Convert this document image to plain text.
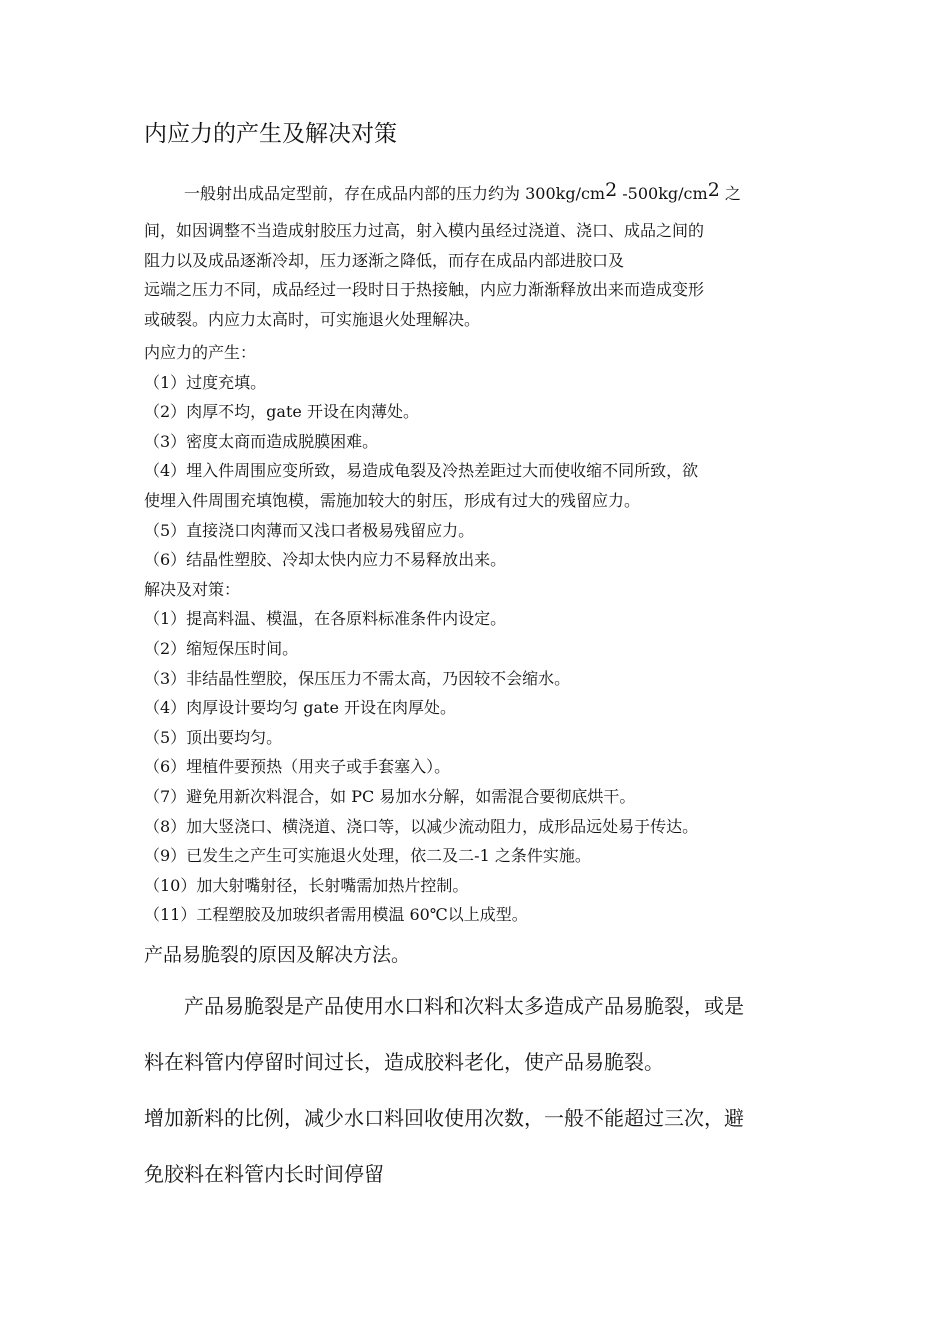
内应力的产生及解决对策
一般射出成品定型前，存在成品内部的压力约为 300kg/cm2 -500kg/cm2 之

间，如因调整不当造成射胶压力过高，射入模内虽经过浇道、浇口、成品之间的

阻力以及成品逐渐冷却，压力逐渐之降低，而存在成品内部进胶口及

远端之压力不同，成品经过一段时日于热接触，内应力渐渐释放出来而造成变形

或破裂。内应力太高时，可实施退火处理解决。

内应力的产生：

（1）过度充填。

（2）肉厚不均，gate 开设在肉薄处。

（3）密度太商而造成脱膜困难。

（4）埋入件周围应变所致，易造成龟裂及冷热差距过大而使收缩不同所致，欲

使埋入件周围充填饱模，需施加较大的射压，形成有过大的残留应力。

（5）直接浇口肉薄而又浅口者极易残留应力。

（6）结晶性塑胶、冷却太快内应力不易释放出来。

解决及对策：

（1）提高料温、模温，在各原料标准条件内设定。

（2）缩短保压时间。

（3）非结晶性塑胶，保压压力不需太高，乃因较不会缩水。

（4）肉厚设计要均匀 gate 开设在肉厚处。

（5）顶出要均匀。

（6）埋植件要预热（用夹子或手套塞入）。

（7）避免用新次料混合，如 PC 易加水分解，如需混合要彻底烘干。

（8）加大竖浇口、横浇道、浇口等，以减少流动阻力，成形品远处易于传达。

（9）已发生之产生可实施退火处理，依二及二-1 之条件实施。

（10）加大射嘴射径，长射嘴需加热片控制。

（11）工程塑胶及加玻织者需用模温 60℃以上成型。

产品易脆裂的原因及解决方法。

产品易脆裂是产品使用水口料和次料太多造成产品易脆裂，或是

料在料管内停留时间过长，造成胶料老化，使产品易脆裂。

增加新料的比例，减少水口料回收使用次数，一般不能超过三次，避

免胶料在料管内长时间停留
